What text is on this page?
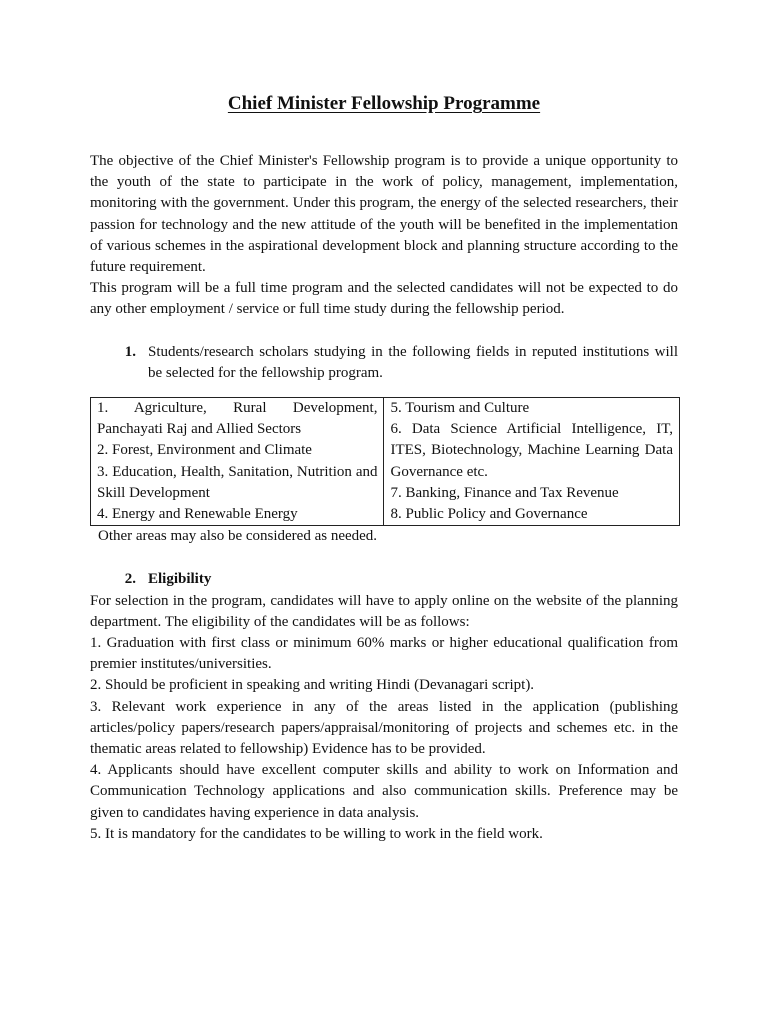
Chief Minister Fellowship Programme

The objective of the Chief Minister's Fellowship program is to provide a unique opportunity to the youth of the state to participate in the work of policy, management, implementation, monitoring with the government. Under this program, the energy of the selected researchers, their passion for technology and the new attitude of the youth will be benefited in the implementation of various schemes in the aspirational development block and planning structure according to the future requirement.

This program will be a full time program and the selected candidates will not be expected to do any other employment / service or full time study during the fellowship period.

1. Students/research scholars studying in the following fields in reputed institutions will be selected for the fellowship program.
1. Agriculture, Rural Development, Panchayati Raj and Allied Sectors
2. Forest, Environment and Climate
3. Education, Health, Sanitation, Nutrition and Skill Development
4. Energy and Renewable Energy

5. Tourism and Culture
6. Data Science Artificial Intelligence, IT, ITES, Biotechnology, Machine Learning Data Governance etc.
7. Banking, Finance and Tax Revenue
8. Public Policy and Governance

Other areas may also be considered as needed.

2. Eligibility

For selection in the program, candidates will have to apply online on the website of the planning department. The eligibility of the candidates will be as follows:

1. Graduation with first class or minimum 60% marks or higher educational qualification from premier institutes/universities.

2. Should be proficient in speaking and writing Hindi (Devanagari script).

3. Relevant work experience in any of the areas listed in the application (publishing articles/policy papers/research papers/appraisal/monitoring of projects and schemes etc. in the thematic areas related to fellowship) Evidence has to be provided.

4. Applicants should have excellent computer skills and ability to work on Information and Communication Technology applications and also communication skills. Preference may be given to candidates having experience in data analysis.

5. It is mandatory for the candidates to be willing to work in the field work.
